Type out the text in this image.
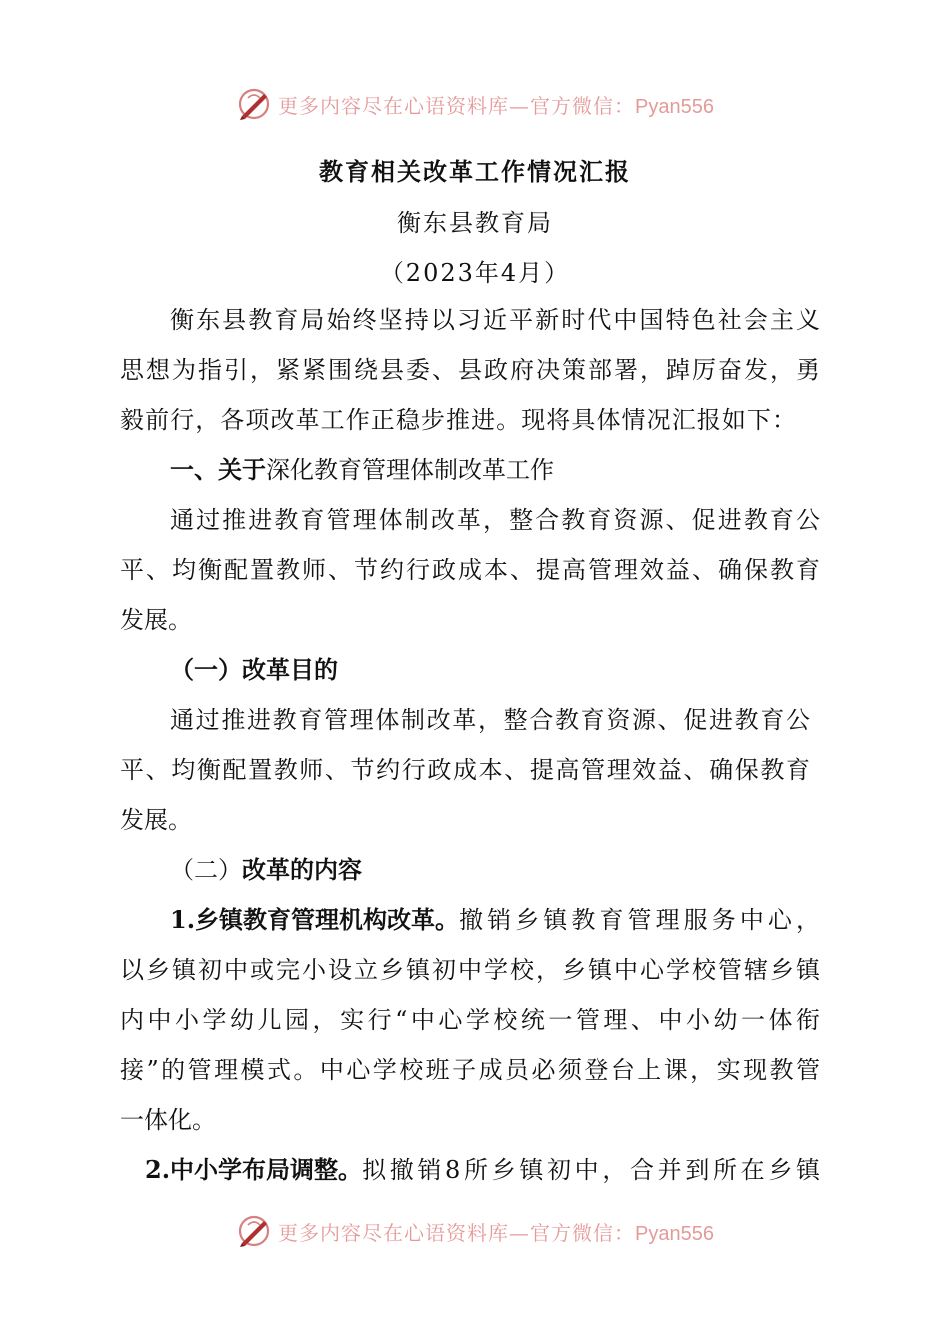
更多内容尽在心语资料库—官方微信：Pyan556
教育相关改革工作情况汇报
衡东县教育局
（2023年4月）
衡东县教育局始终坚持以习近平新时代中国特色社会主义
思想为指引，紧紧围绕县委、县政府决策部署，踔厉奋发，勇
毅前行，各项改革工作正稳步推进。现将具体情况汇报如下：
一、关于深化教育管理体制改革工作
通过推进教育管理体制改革，整合教育资源、促进教育公
平、均衡配置教师、节约行政成本、提高管理效益、确保教育
发展。
（一）改革目的
通过推进教育管理体制改革，整合教育资源、促进教育公
平、均衡配置教师、节约行政成本、提高管理效益、确保教育
发展。
（二）改革的内容
1.乡镇教育管理机构改革。 撤销乡镇教育管理服务中心，
以乡镇初中或完小设立乡镇初中学校，乡镇中心学校管辖乡镇
内中小学幼儿园，实行“中心学校统一管理、中小幼一体衔
接”的管理模式。中心学校班子成员必须登台上课，实现教管
一体化。
2.中小学布局调整。 拟撤销8所乡镇初中，合并到所在乡镇
更多内容尽在心语资料库—官方微信：Pyan556
